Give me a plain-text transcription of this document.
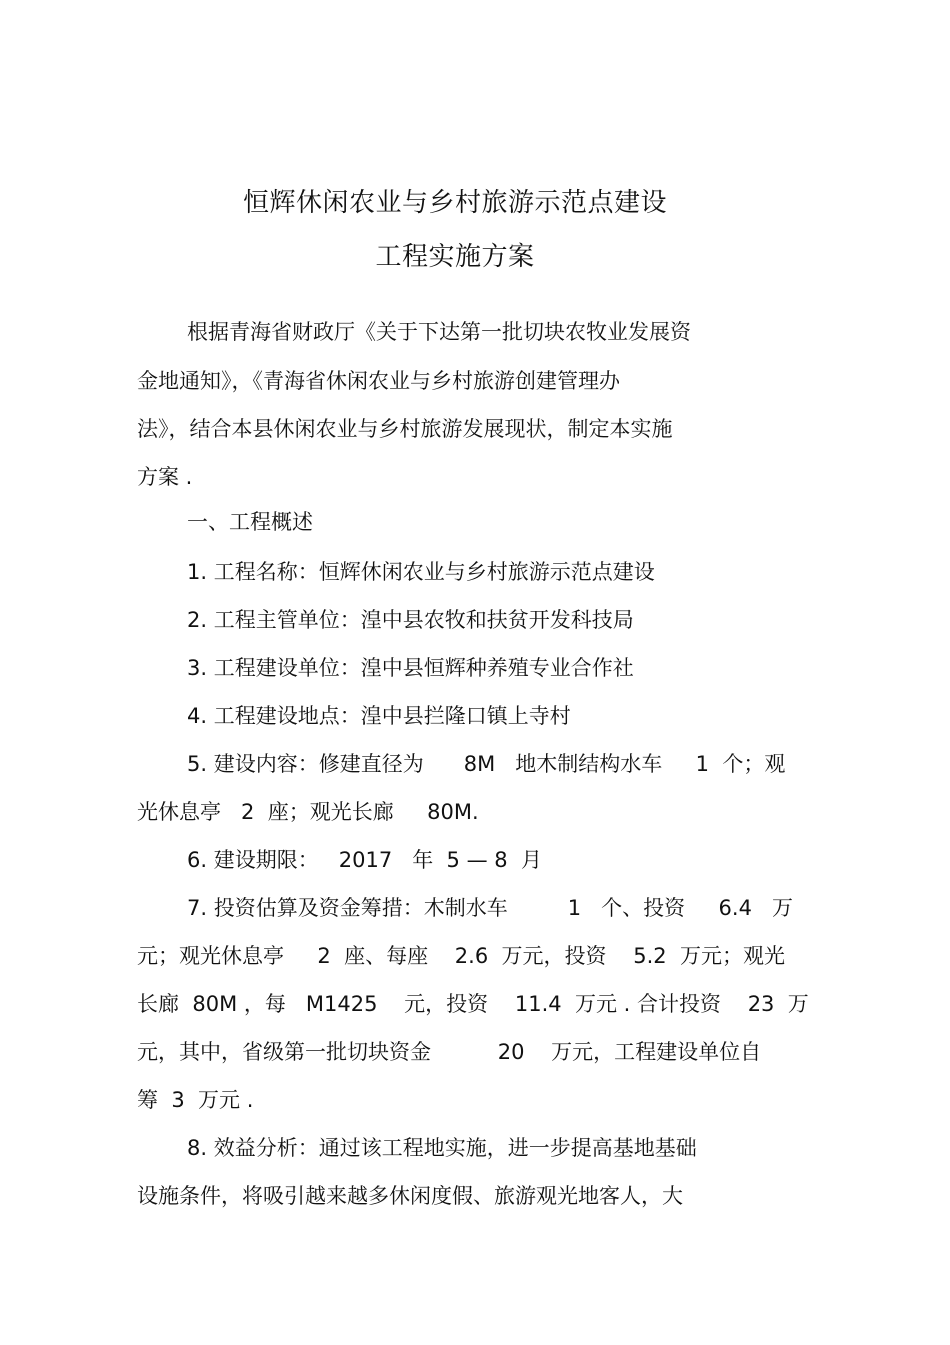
恒辉休闲农业与乡村旅游示范点建设
工程实施方案
根据青海省财政厅《关于下达第一批切块农牧业发展资
金地通知》，《青海省休闲农业与乡村旅游创建管理办
法》，结合本县休闲农业与乡村旅游发展现状，制定本实施
方案 .
一、工程概述
1. 工程名称：恒辉休闲农业与乡村旅游示范点建设
2. 工程主管单位：湟中县农牧和扶贫开发科技局
3. 工程建设单位：湟中县恒辉种养殖专业合作社
4. 工程建设地点：湟中县拦隆口镇上寺村
5. 建设内容：修建直径为      8M   地木制结构水车     1  个；观
光休息亭   2  座；观光长廊     80M.
6. 建设期限：   2017   年  5 — 8  月
7. 投资估算及资金筹措：木制水车         1   个、投资     6.4   万
元；观光休息亭     2  座、每座    2.6  万元，投资    5.2  万元；观光
长廊  80M ，每   M1425    元，投资    11.4  万元 . 合计投资    23  万
元，其中，省级第一批切块资金          20    万元，工程建设单位自
筹  3  万元 .
8. 效益分析：通过该工程地实施，进一步提高基地基础
设施条件，将吸引越来越多休闲度假、旅游观光地客人，大
